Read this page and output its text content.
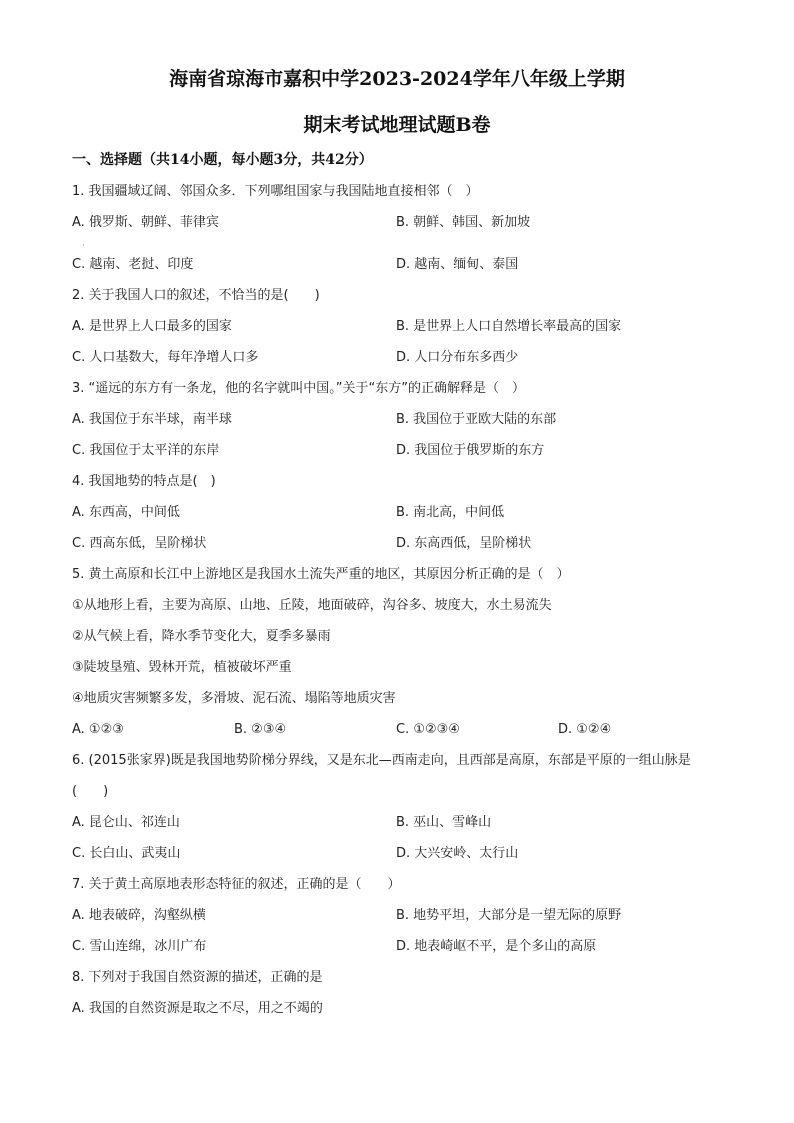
海南省琼海市嘉积中学2023-2024学年八年级上学期
期末考试地理试题B卷
一、选择题（共14小题，每小题3分，共42分）
1. 我国疆域辽阔、邻国众多．下列哪组国家与我国陆地直接相邻（　）
A. 俄罗斯、朝鲜、菲律宾	B. 朝鲜、韩国、新加坡
·
C. 越南、老挝、印度	D. 越南、缅甸、泰国
2. 关于我国人口的叙述，不恰当的是(　　)
A. 是世界上人口最多的国家	B. 是世界上人口自然增长率最高的国家
C. 人口基数大，每年净增人口多	D. 人口分布东多西少
3. “遥远的东方有一条龙，他的名字就叫中国。”关于“东方”的正确解释是（　）
A. 我国位于东半球，南半球	B. 我国位于亚欧大陆的东部
C. 我国位于太平洋的东岸	D. 我国位于俄罗斯的东方
4. 我国地势的特点是(　)
A. 东西高，中间低	B. 南北高，中间低
C. 西高东低，呈阶梯状	D. 东高西低，呈阶梯状
5. 黄土高原和长江中上游地区是我国水土流失严重的地区，其原因分析正确的是（　）
①从地形上看，主要为高原、山地、丘陵，地面破碎，沟谷多、坡度大，水土易流失
②从气候上看，降水季节变化大，夏季多暴雨
③陡坡垦殖、毁林开荒，植被破坏严重
④地质灾害频繁多发，多滑坡、泥石流、塌陷等地质灾害
A. ①②③	B. ②③④	C. ①②③④	D. ①②④
6. (2015张家界)既是我国地势阶梯分界线，又是东北—西南走向，且西部是高原，东部是平原的一组山脉是(　　)
A. 昆仑山、祁连山	B. 巫山、雪峰山
C. 长白山、武夷山	D. 大兴安岭、太行山
7. 关于黄土高原地表形态特征的叙述，正确的是（　　）
A. 地表破碎，沟壑纵横	B. 地势平坦，大部分是一望无际的原野
C. 雪山连绵，冰川广布	D. 地表崎岖不平，是个多山的高原
8. 下列对于我国自然资源的描述，正确的是
A. 我国的自然资源是取之不尽，用之不竭的
